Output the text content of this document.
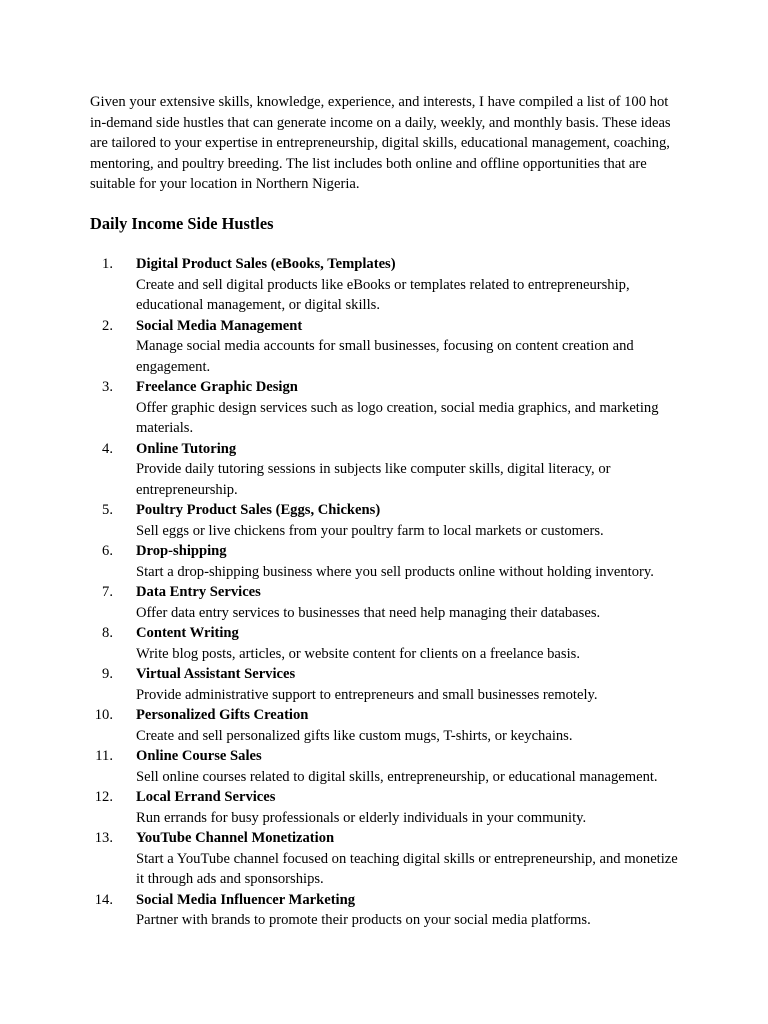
Given your extensive skills, knowledge, experience, and interests, I have compiled a list of 100 hot in-demand side hustles that can generate income on a daily, weekly, and monthly basis. These ideas are tailored to your expertise in entrepreneurship, digital skills, educational management, coaching, mentoring, and poultry breeding. The list includes both online and offline opportunities that are suitable for your location in Northern Nigeria.

Daily Income Side Hustles
1. Digital Product Sales (eBooks, Templates)
Create and sell digital products like eBooks or templates related to entrepreneurship, educational management, or digital skills.
2. Social Media Management
Manage social media accounts for small businesses, focusing on content creation and engagement.
3. Freelance Graphic Design
Offer graphic design services such as logo creation, social media graphics, and marketing materials.
4. Online Tutoring
Provide daily tutoring sessions in subjects like computer skills, digital literacy, or entrepreneurship.
5. Poultry Product Sales (Eggs, Chickens)
Sell eggs or live chickens from your poultry farm to local markets or customers.
6. Drop-shipping
Start a drop-shipping business where you sell products online without holding inventory.
7. Data Entry Services
Offer data entry services to businesses that need help managing their databases.
8. Content Writing
Write blog posts, articles, or website content for clients on a freelance basis.
9. Virtual Assistant Services
Provide administrative support to entrepreneurs and small businesses remotely.
10. Personalized Gifts Creation
Create and sell personalized gifts like custom mugs, T-shirts, or keychains.
11. Online Course Sales
Sell online courses related to digital skills, entrepreneurship, or educational management.
12. Local Errand Services
Run errands for busy professionals or elderly individuals in your community.
13. YouTube Channel Monetization
Start a YouTube channel focused on teaching digital skills or entrepreneurship, and monetize it through ads and sponsorships.
14. Social Media Influencer Marketing
Partner with brands to promote their products on your social media platforms.
